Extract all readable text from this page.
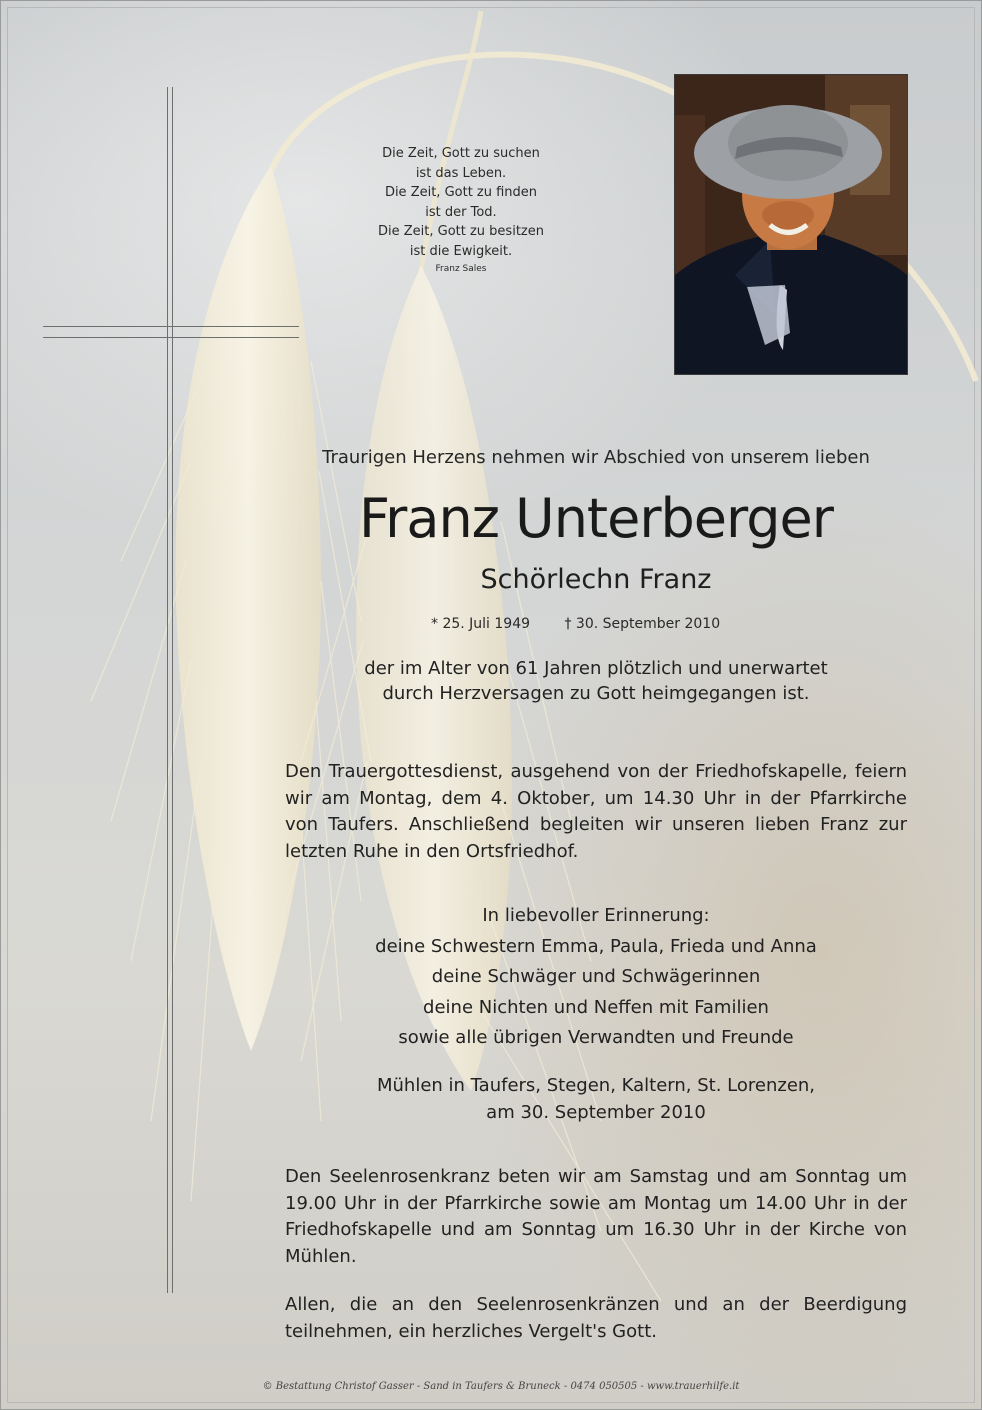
Die Zeit, Gott zu suchen
ist das Leben.
Die Zeit, Gott zu finden
ist der Tod.
Die Zeit, Gott zu besitzen
ist die Ewigkeit.
Franz Sales
Traurigen Herzens nehmen wir Abschied von unserem lieben
Franz Unterberger
Schörlechn Franz
* 25. Juli 1949 † 30. September 2010
der im Alter von 61 Jahren plötzlich und unerwartet
durch Herzversagen zu Gott heimgegangen ist.
Den Trauergottesdienst, ausgehend von der Friedhofskapelle, feiern wir am Montag, dem 4. Oktober, um 14.30 Uhr in der Pfarrkirche von Taufers. Anschließend begleiten wir unseren lieben Franz zur letzten Ruhe in den Ortsfriedhof.
In liebevoller Erinnerung:
deine Schwestern Emma, Paula, Frieda und Anna
deine Schwäger und Schwägerinnen
deine Nichten und Neffen mit Familien
sowie alle übrigen Verwandten und Freunde
Mühlen in Taufers, Stegen, Kaltern, St. Lorenzen,
am 30. September 2010
Den Seelenrosenkranz beten wir am Samstag und am Sonntag um 19.00 Uhr in der Pfarrkirche sowie am Montag um 14.00 Uhr in der Friedhofskapelle und am Sonntag um 16.30 Uhr in der Kirche von Mühlen.
Allen, die an den Seelenrosenkränzen und an der Beerdigung teilnehmen, ein herzliches Vergelt's Gott.
© Bestattung Christof Gasser - Sand in Taufers & Bruneck - 0474 050505 - www.trauerhilfe.it
